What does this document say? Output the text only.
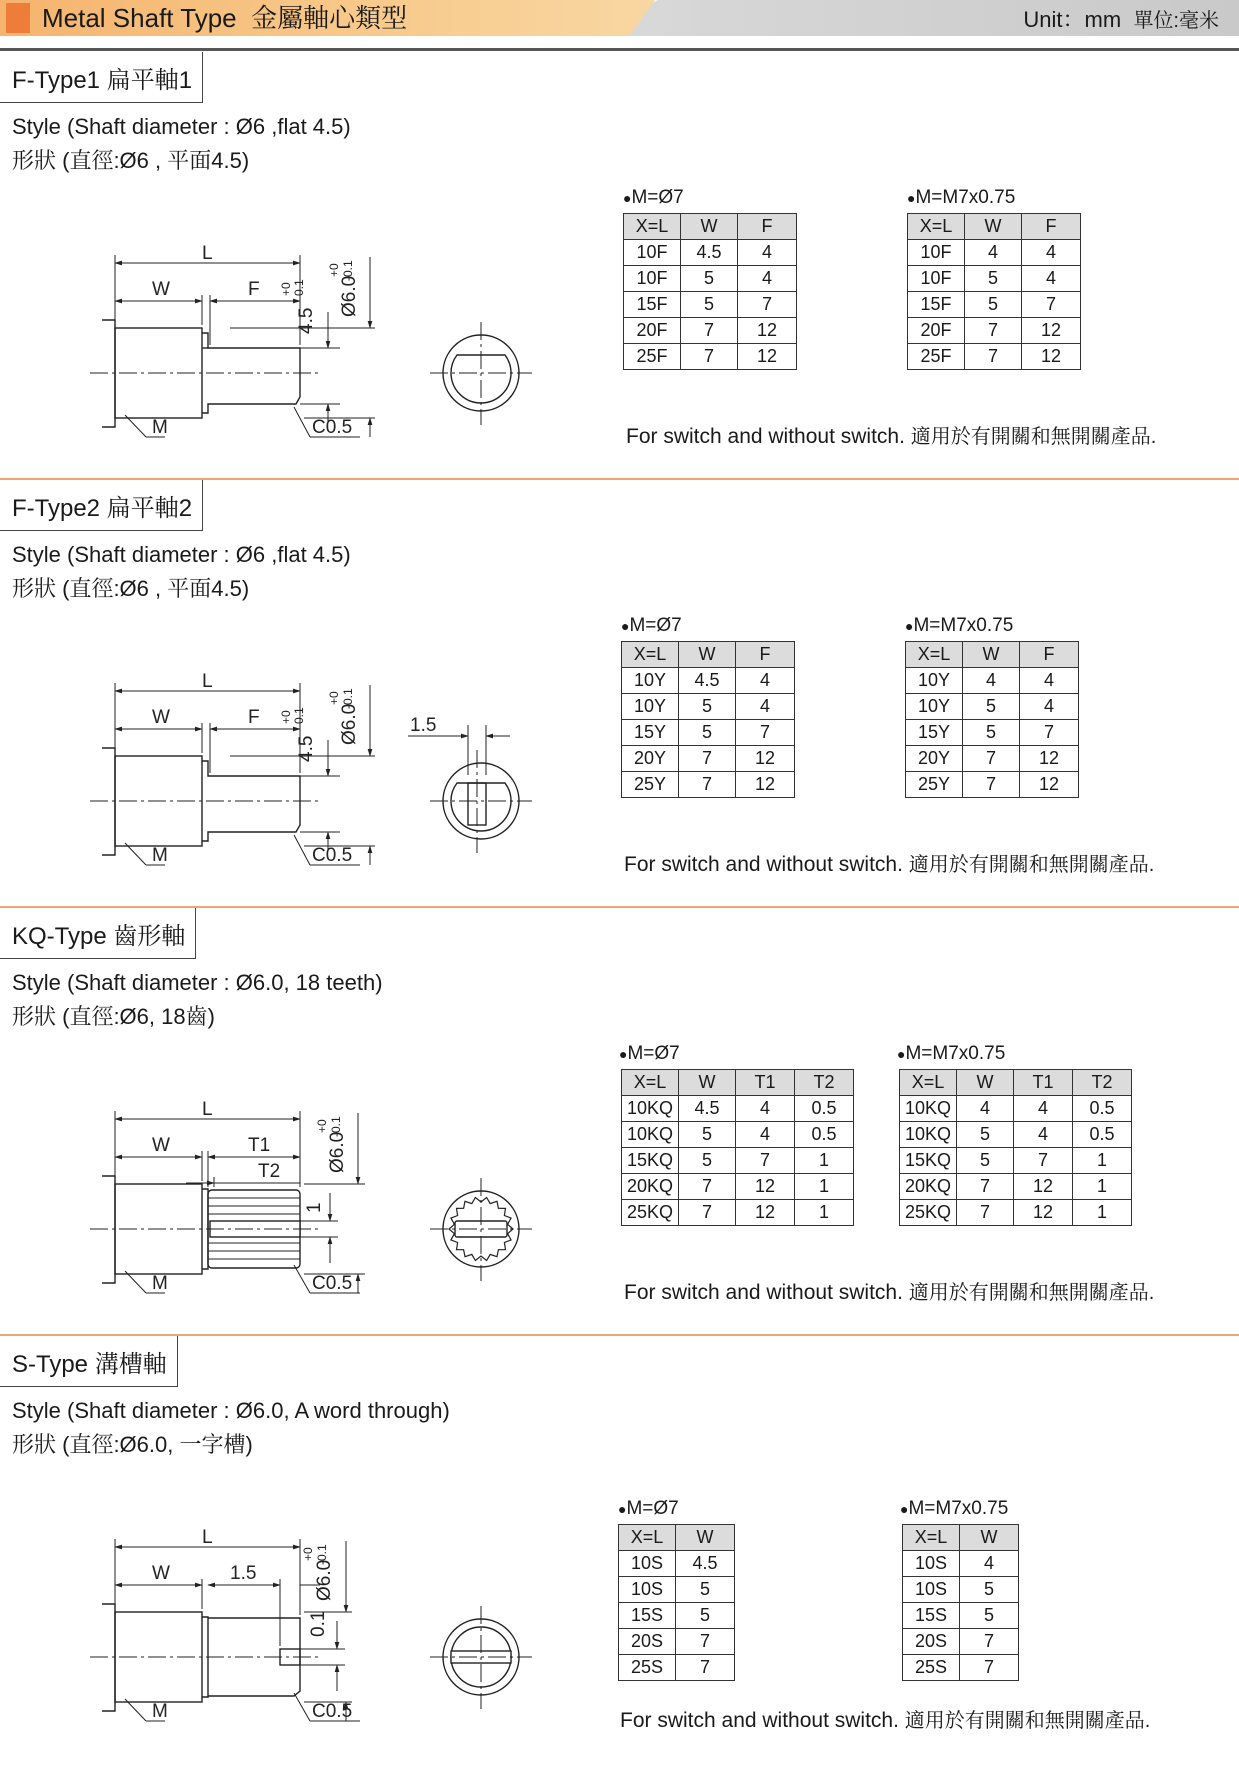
Metal Shaft Type 金屬軸心類型	Unit：mm 單位:毫米
F-Type1 扁平軸1
Style (Shaft diameter : Ø6 ,flat 4.5)
形狀 (直徑:Ø6 , 平面4.5)
L
W	F
4.5
+0 -0.1 Ø6.0
+0 -0.1
M	C0.5
●M=Ø7
X=L	W	F
10F	4.5	4
10F	5	4
15F	5	7
20F	7	12
25F	7	12
●M=M7x0.75
X=L	W	F
10F	4	4
10F	5	4
15F	5	7
20F	7	12
25F	7	12
For switch and without switch. 適用於有開關和無開關產品.
F-Type2 扁平軸2
Style (Shaft diameter : Ø6 ,flat 4.5)
形狀 (直徑:Ø6 , 平面4.5)
L
W	F
4.5
+0 -0.1 Ø6.0
+0 -0.1
M	C0.5
1.5
●M=Ø7
X=L	W	F
10Y	4.5	4
10Y	5	4
15Y	5	7
20Y	7	12
25Y	7	12
●M=M7x0.75
X=L	W	F
10Y	4	4
10Y	5	4
15Y	5	7
20Y	7	12
25Y	7	12
For switch and without switch. 適用於有開關和無開關產品.
KQ-Type 齒形軸
Style (Shaft diameter : Ø6.0, 18 teeth)
形狀 (直徑:Ø6, 18齒)
L
W	T1
T2
1
Ø6.0
+0 -0.1
M	C0.5
●M=Ø7
X=L	W	T1	T2
10KQ	4.5	4	0.5
10KQ	5	4	0.5
15KQ	5	7	1
20KQ	7	12	1
25KQ	7	12	1
●M=M7x0.75
X=L	W	T1	T2
10KQ	4	4	0.5
10KQ	5	4	0.5
15KQ	5	7	1
20KQ	7	12	1
25KQ	7	12	1
For switch and without switch. 適用於有開關和無開關產品.
S-Type 溝槽軸
Style (Shaft diameter : Ø6.0, A word through)
形狀 (直徑:Ø6.0, 一字槽)
L
W	1.5
0.1
Ø6.0
+0 -0.1
M	C0.5
●M=Ø7
X=L	W
10S	4.5
10S	5
15S	5
20S	7
25S	7
●M=M7x0.75
X=L	W
10S	4
10S	5
15S	5
20S	7
25S	7
For switch and without switch. 適用於有開關和無開關產品.
